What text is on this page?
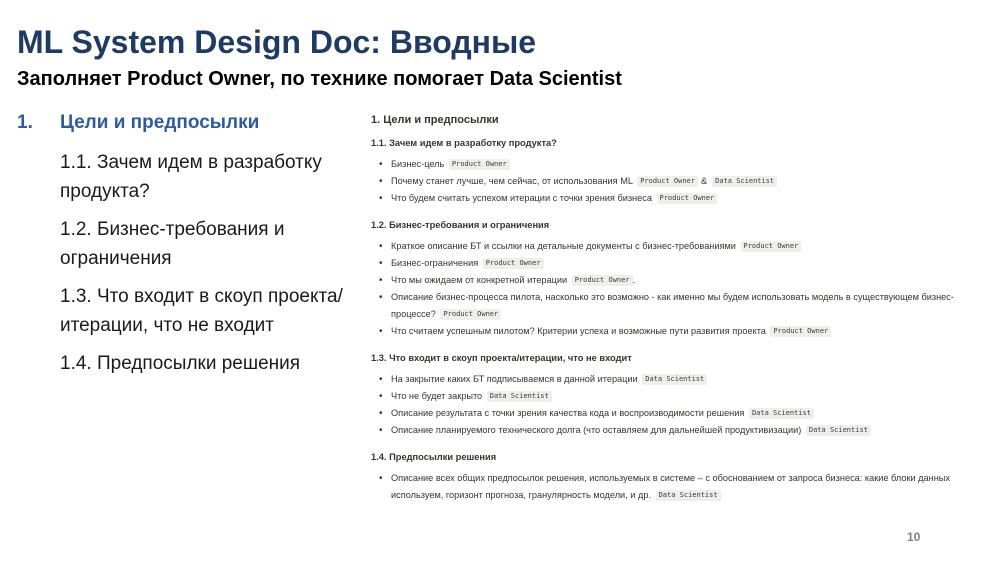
ML System Design Doc: Вводные
Заполняет Product Owner, по технике помогает Data Scientist
1.	Цели и предпосылки
1.1. Зачем идем в разработку продукта?
1.2. Бизнес-требования и ограничения
1.3. Что входит в скоуп проекта/итерации, что не входит
1.4. Предпосылки решения
1. Цели и предпосылки
1.1. Зачем идем в разработку продукта?
• Бизнес-цель Product Owner
• Почему станет лучше, чем сейчас, от использования ML Product Owner & Data Scientist
• Что будем считать успехом итерации с точки зрения бизнеса Product Owner
1.2. Бизнес-требования и ограничения
• Краткое описание БТ и ссылки на детальные документы с бизнес-требованиями Product Owner
• Бизнес-ограничения Product Owner
• Что мы ожидаем от конкретной итерации Product Owner .
• Описание бизнес-процесса пилота, насколько это возможно - как именно мы будем использовать модель в существующем бизнес-процессе? Product Owner
• Что считаем успешным пилотом? Критерии успеха и возможные пути развития проекта Product Owner
1.3. Что входит в скоуп проекта/итерации, что не входит
• На закрытие каких БТ подписываемся в данной итерации Data Scientist
• Что не будет закрыто Data Scientist
• Описание результата с точки зрения качества кода и воспроизводимости решения Data Scientist
• Описание планируемого технического долга (что оставляем для дальнейшей продуктивизации) Data Scientist
1.4. Предпосылки решения
• Описание всех общих предпосылок решения, используемых в системе – с обоснованием от запроса бизнеса: какие блоки данных используем, горизонт прогноза, гранулярность модели, и др. Data Scientist
10
